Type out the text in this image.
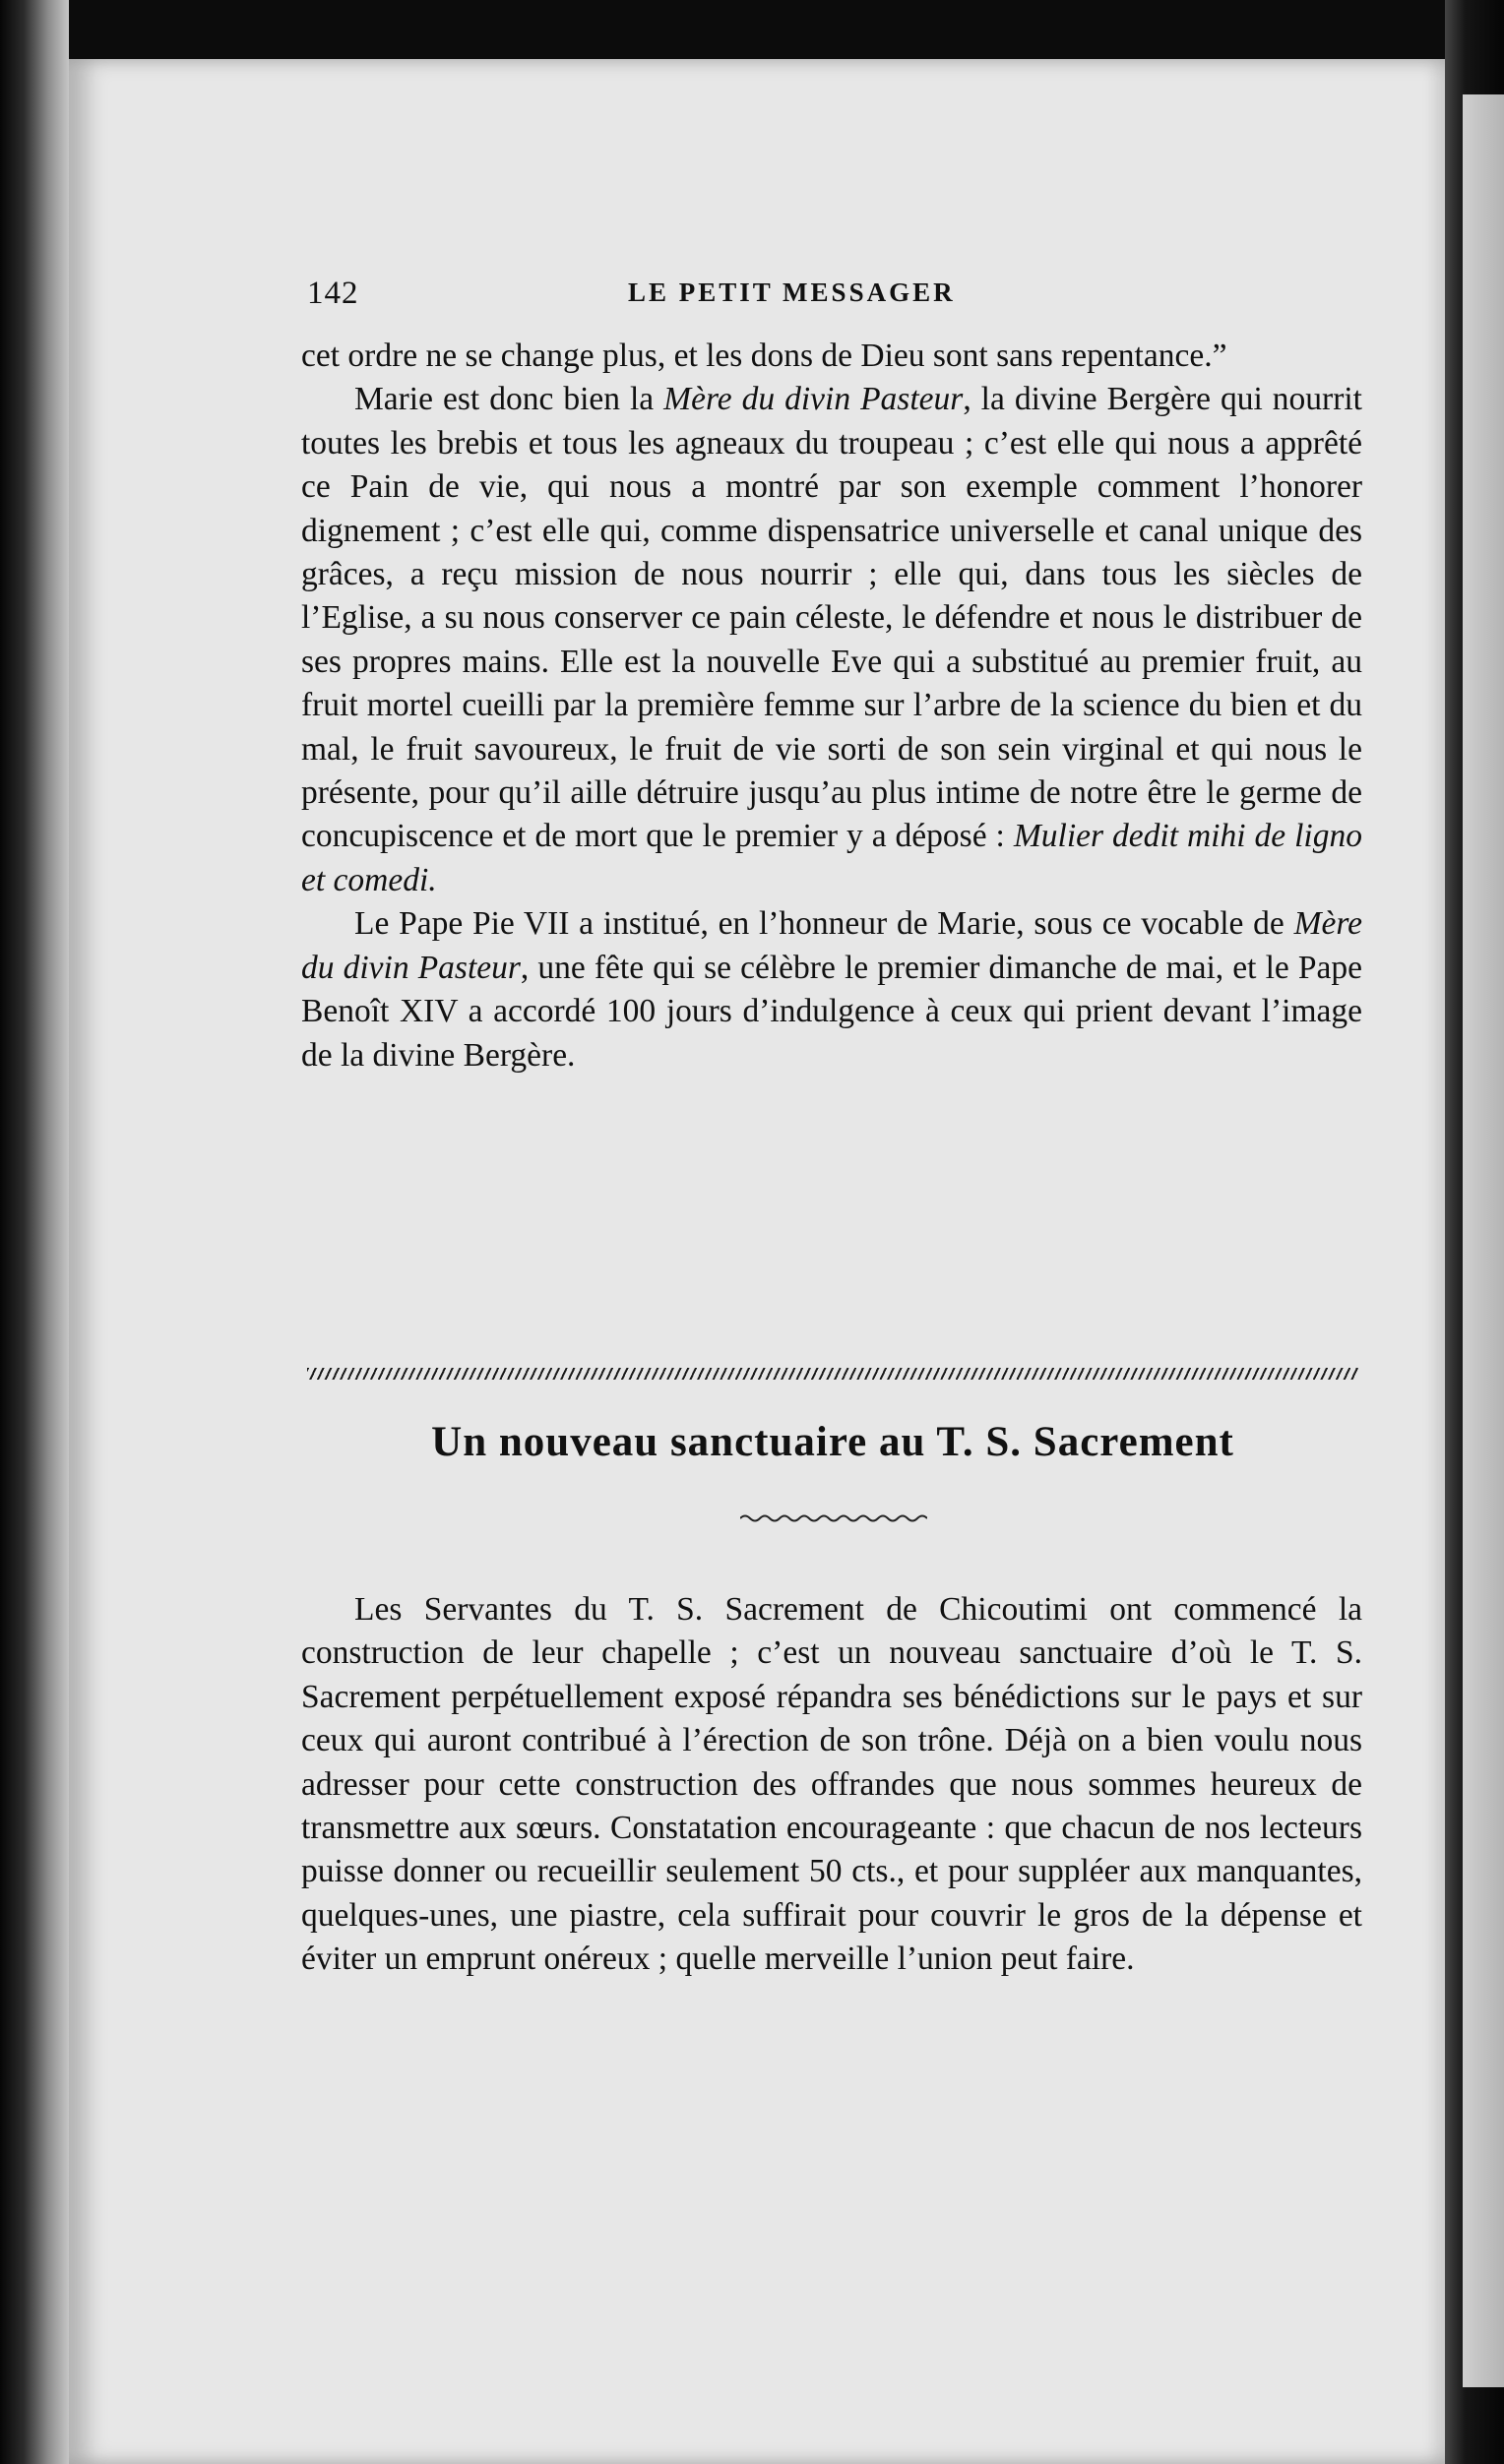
142	LE PETIT MESSAGER

cet ordre ne se change plus, et les dons de Dieu sont sans repentance.”

Marie est donc bien la Mère du divin Pasteur, la divine Bergère qui nourrit toutes les brebis et tous les agneaux du troupeau ; c’est elle qui nous a apprêté ce Pain de vie, qui nous a montré par son exemple comment l’honorer dignement ; c’est elle qui, comme dispensatrice universelle et canal unique des grâces, a reçu mission de nous nourrir ; elle qui, dans tous les siècles de l’Eglise, a su nous conserver ce pain céleste, le défendre et nous le distribuer de ses propres mains. Elle est la nouvelle Eve qui a substitué au premier fruit, au fruit mortel cueilli par la première femme sur l’arbre de la science du bien et du mal, le fruit savoureux, le fruit de vie sorti de son sein virginal et qui nous le présente, pour qu’il aille détruire jusqu’au plus intime de notre être le germe de concupiscence et de mort que le premier y a déposé : Mulier dedit mihi de ligno et comedi.

Le Pape Pie VII a institué, en l’honneur de Marie, sous ce vocable de Mère du divin Pasteur, une fête qui se célèbre le premier dimanche de mai, et le Pape Benoît XIV a accordé 100 jours d’indulgence à ceux qui prient devant l’image de la divine Bergère.

Un nouveau sanctuaire au T. S. Sacrement

Les Servantes du T. S. Sacrement de Chicoutimi ont commencé la construction de leur chapelle ; c’est un nouveau sanctuaire d’où le T. S. Sacrement perpétuellement exposé répandra ses bénédictions sur le pays et sur ceux qui auront contribué à l’érection de son trône. Déjà on a bien voulu nous adresser pour cette construction des offrandes que nous sommes heureux de transmettre aux sœurs. Constatation encourageante : que chacun de nos lecteurs puisse donner ou recueillir seulement 50 cts., et pour suppléer aux manquantes, quelques-unes, une piastre, cela suffirait pour couvrir le gros de la dépense et éviter un emprunt onéreux ; quelle merveille l’union peut faire.
